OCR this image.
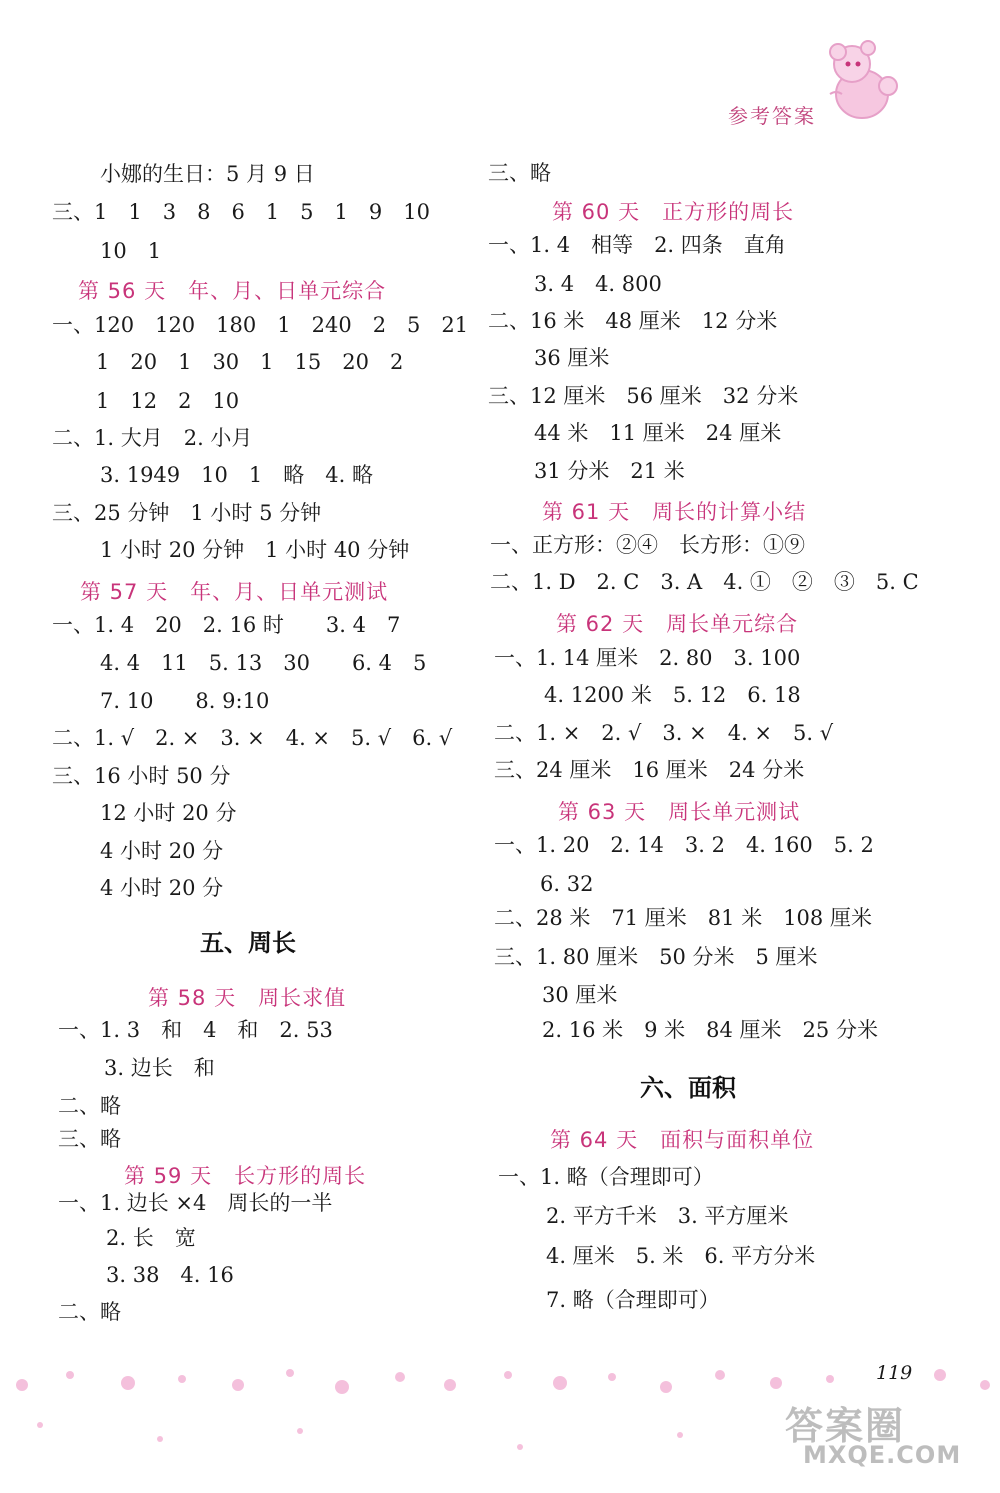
参考答案
小娜的生日：5 月 9 日
三、1　1　3　8　6　1　5　1　9　10
10　1
第 56 天　年、月、日单元综合
一、120　120　180　1　240　2　5　21
1　20　1　30　1　15　20　2
1　12　2　10
二、1. 大月　2. 小月
3. 1949　10　1　略　4. 略
三、25 分钟　1 小时 5 分钟
1 小时 20 分钟　1 小时 40 分钟
第 57 天　年、月、日单元测试
一、1. 4　20　2. 16 时　　3. 4　7
4. 4　11　5. 13　30　　6. 4　5
7. 10　　8. 9:10
二、1. √　2. ×　3. ×　4. ×　5. √　6. √
三、16 小时 50 分
12 小时 20 分
4 小时 20 分
4 小时 20 分
五、周长
第 58 天　周长求值
一、1. 3　和　4　和　2. 53
3. 边长　和
二、略
三、略
第 59 天　长方形的周长
一、1. 边长 ×4　周长的一半
2. 长　宽
3. 38　4. 16
二、略
三、略
第 60 天　正方形的周长
一、1. 4　相等　2. 四条　直角
3. 4　4. 800
二、16 米　48 厘米　12 分米
36 厘米
三、12 厘米　56 厘米　32 分米
44 米　11 厘米　24 厘米
31 分米　21 米
第 61 天　周长的计算小结
一、正方形：②④　长方形：①⑨
二、1. D　2. C　3. A　4. ①　②　③　5. C
第 62 天　周长单元综合
一、1. 14 厘米　2. 80　3. 100
4. 1200 米　5. 12　6. 18
二、1. ×　2. √　3. ×　4. ×　5. √
三、24 厘米　16 厘米　24 分米
第 63 天　周长单元测试
一、1. 20　2. 14　3. 2　4. 160　5. 2
6. 32
二、28 米　71 厘米　81 米　108 厘米
三、1. 80 厘米　50 分米　5 厘米
30 厘米
2. 16 米　9 米　84 厘米　25 分米
六、面积
第 64 天　面积与面积单位
一、1. 略（合理即可）
2. 平方千米　3. 平方厘米
4. 厘米　5. 米　6. 平方分米
7. 略（合理即可）
119
答案圈
MXQE.COM
